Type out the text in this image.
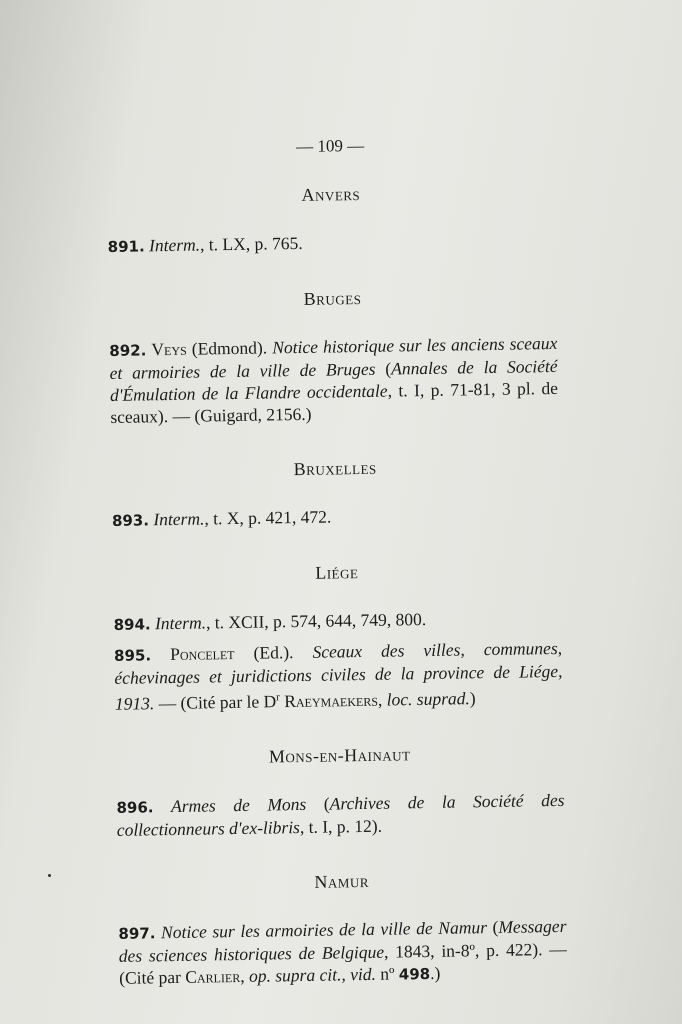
— 109 —
Anvers

891. Interm., t. LX, p. 765.

Bruges

892. Veys (Edmond). Notice historique sur les anciens sceaux et armoiries de la ville de Bruges (Annales de la Société d'Émulation de la Flandre occidentale, t. I, p. 71-81, 3 pl. de sceaux). — (Guigard, 2156.)

Bruxelles

893. Interm., t. X, p. 421, 472.

Liége

894. Interm., t. XCII, p. 574, 644, 749, 800.

895. Poncelet (Ed.). Sceaux des villes, communes, échevinages et juridictions civiles de la province de Liége, 1913. — (Cité par le $D^r$ Raeymaekers, loc. suprad.)

Mons-en-Hainaut

896. Armes de Mons (Archives de la Société des collectionneurs d'ex-libris, t. I, p. 12).

Namur

897. Notice sur les armoiries de la ville de Namur (Messager des sciences historiques de Belgique, 1843, in-8º, p. 422). — (Cité par Carlier, op. supra cit., vid. nº 498.)
